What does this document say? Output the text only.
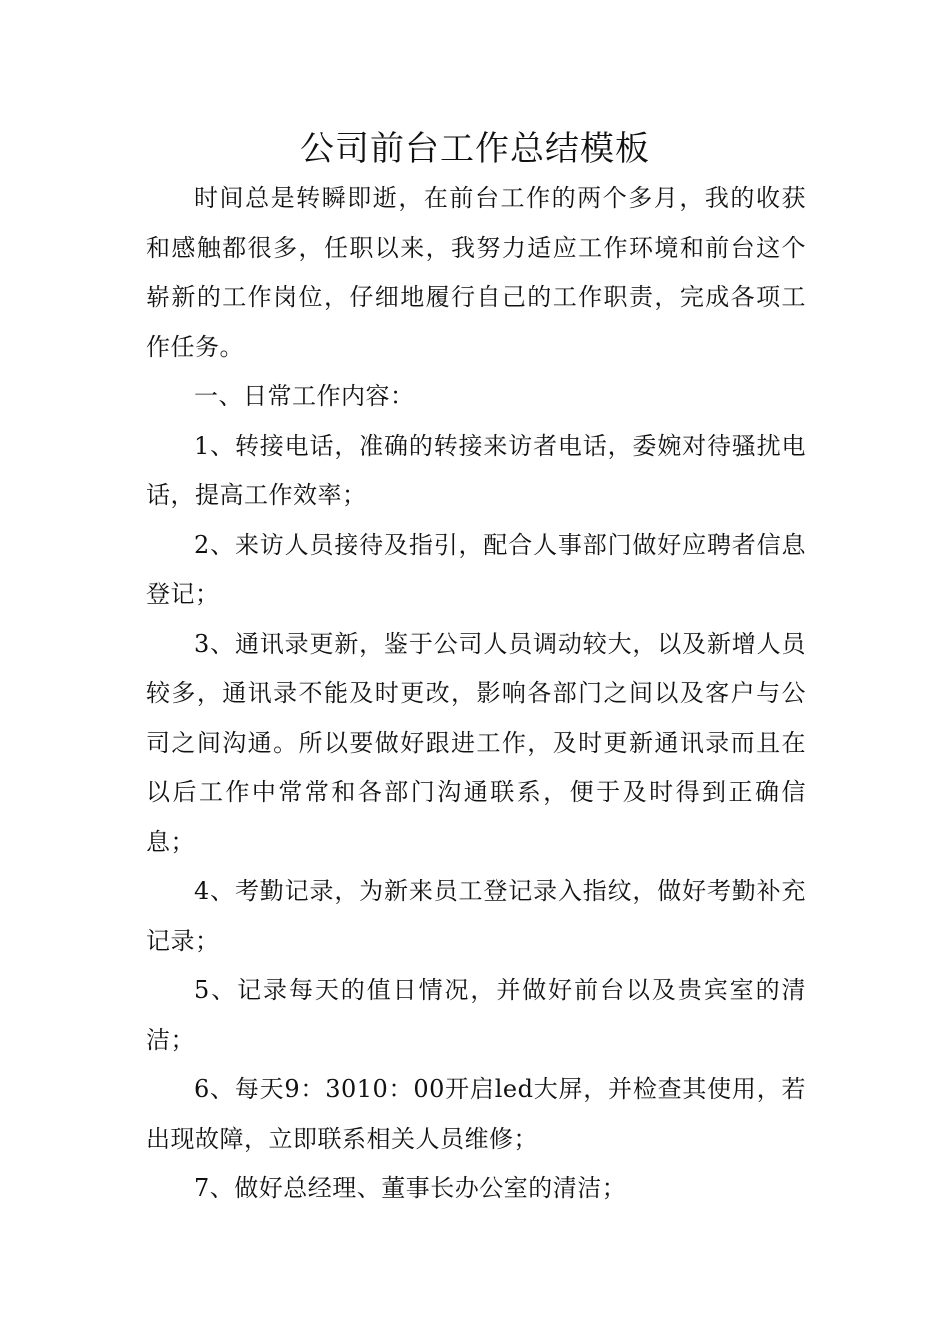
公司前台工作总结模板

时间总是转瞬即逝，在前台工作的两个多月，我的收获和感触都很多，任职以来，我努力适应工作环境和前台这个崭新的工作岗位，仔细地履行自己的工作职责，完成各项工作任务。

一、日常工作内容：

1、转接电话，准确的转接来访者电话，委婉对待骚扰电话，提高工作效率；

2、来访人员接待及指引，配合人事部门做好应聘者信息登记；

3、通讯录更新，鉴于公司人员调动较大，以及新增人员较多，通讯录不能及时更改，影响各部门之间以及客户与公司之间沟通。所以要做好跟进工作，及时更新通讯录而且在以后工作中常常和各部门沟通联系，便于及时得到正确信息；

4、考勤记录，为新来员工登记录入指纹，做好考勤补充记录；

5、记录每天的值日情况，并做好前台以及贵宾室的清洁；

6、每天9：3010：00开启led大屏，并检查其使用，若出现故障，立即联系相关人员维修；

7、做好总经理、董事长办公室的清洁；
